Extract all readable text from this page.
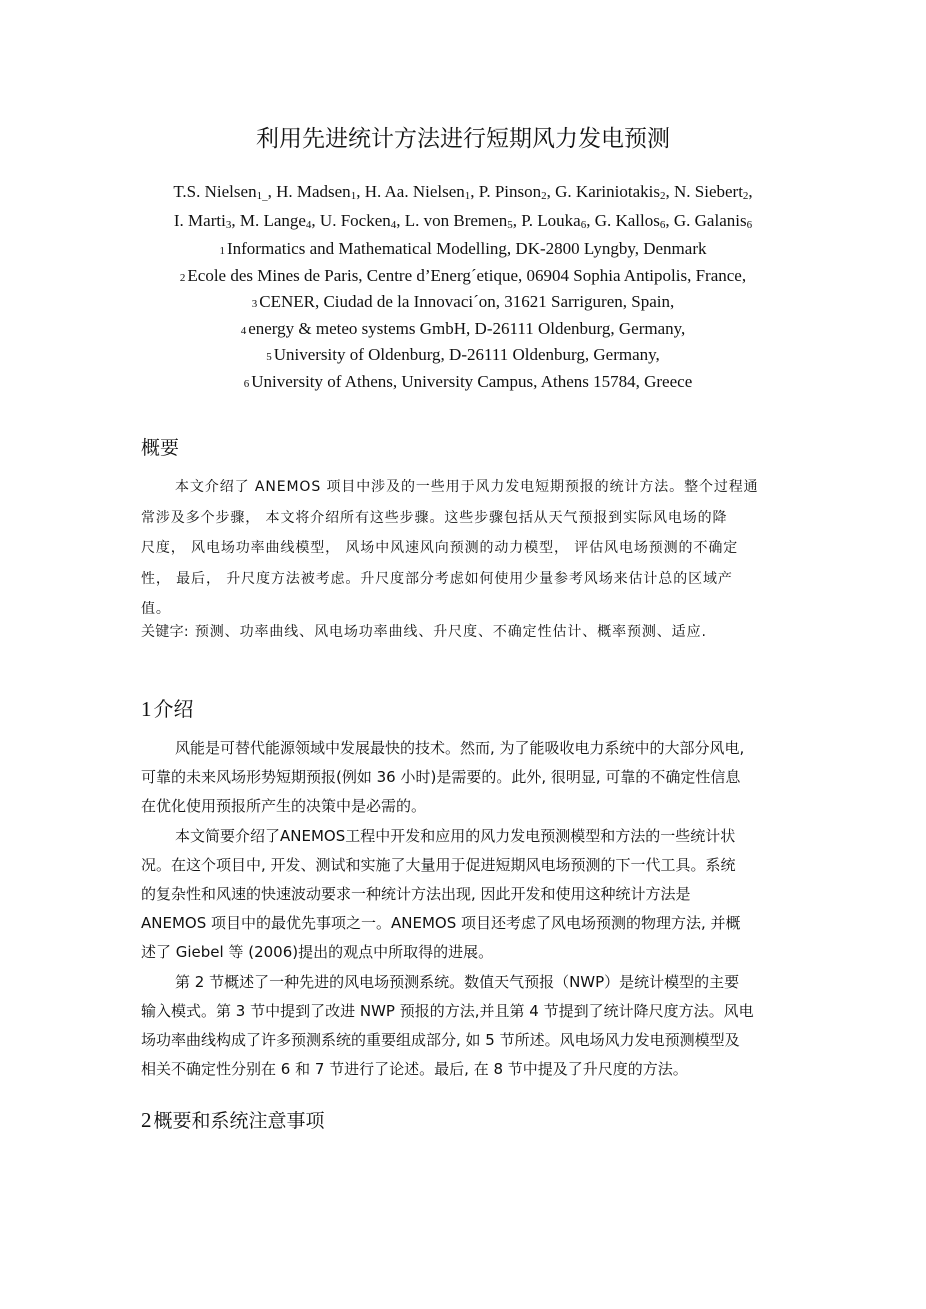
利用先进统计方法进行短期风力发电预测
T.S. Nielsen$_{1\_}$, H. Madsen$_1$, H. Aa. Nielsen$_1$, P. Pinson$_2$, G. Kariniotakis$_2$, N. Siebert$_2$,
I. Marti$_3$, M. Lange$_4$, U. Focken$_4$, L. von Bremen$_5$, P. Louka$_6$, G. Kallos$_6$, G. Galanis$_6$
1 Informatics and Mathematical Modelling, DK-2800 Lyngby, Denmark
2 Ecole des Mines de Paris, Centre d’Energ´etique, 06904 Sophia Antipolis, France,
3 CENER, Ciudad de la Innovaci´on, 31621 Sarriguren, Spain,
4 energy & meteo systems GmbH, D-26111 Oldenburg, Germany,
5 University of Oldenburg, D-26111 Oldenburg, Germany,
6 University of Athens, University Campus, Athens 15784, Greece
概要
本文介绍了 ANEMOS 项目中涉及的一些用于风力发电短期预报的统计方法。整个过程通
常涉及多个步骤， 本文将介绍所有这些步骤。这些步骤包括从天气预报到实际风电场的降
尺度， 风电场功率曲线模型， 风场中风速风向预测的动力模型， 评估风电场预测的不确定
性， 最后， 升尺度方法被考虑。升尺度部分考虑如何使用少量参考风场来估计总的区域产
值。
关键字: 预测、功率曲线、风电场功率曲线、升尺度、不确定性估计、概率预测、适应.
1 介绍
风能是可替代能源领域中发展最快的技术。然而, 为了能吸收电力系统中的大部分风电,
可靠的未来风场形势短期预报(例如 36 小时)是需要的。此外, 很明显, 可靠的不确定性信息
在优化使用预报所产生的决策中是必需的。
本文简要介绍了ANEMOS工程中开发和应用的风力发电预测模型和方法的一些统计状
况。在这个项目中, 开发、测试和实施了大量用于促进短期风电场预测的下一代工具。系统
的复杂性和风速的快速波动要求一种统计方法出现, 因此开发和使用这种统计方法是
ANEMOS 项目中的最优先事项之一。ANEMOS 项目还考虑了风电场预测的物理方法, 并概
述了 Giebel 等 (2006)提出的观点中所取得的进展。
第 2 节概述了一种先进的风电场预测系统。数值天气预报（NWP）是统计模型的主要
输入模式。第 3 节中提到了改进 NWP 预报的方法,并且第 4 节提到了统计降尺度方法。风电
场功率曲线构成了许多预测系统的重要组成部分, 如 5 节所述。风电场风力发电预测模型及
相关不确定性分别在 6 和 7 节进行了论述。最后, 在 8 节中提及了升尺度的方法。
2 概要和系统注意事项
